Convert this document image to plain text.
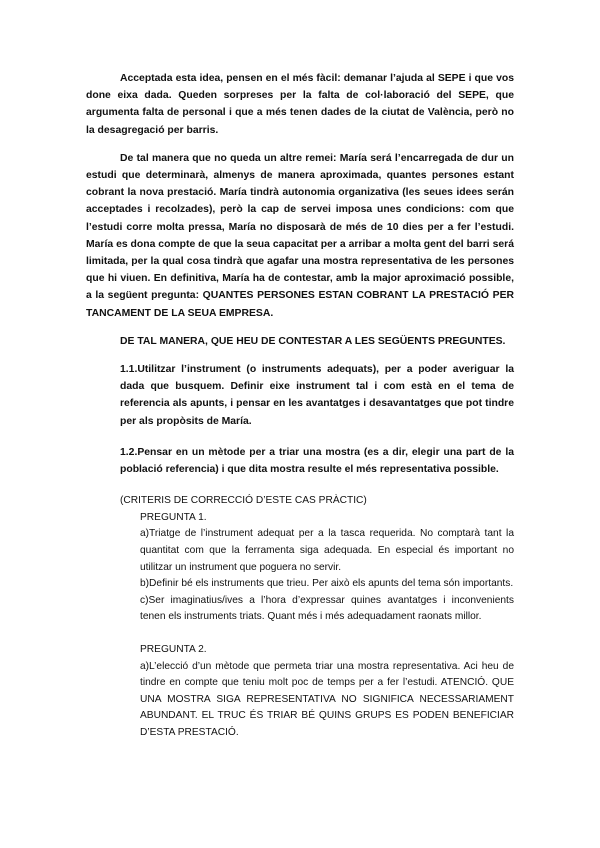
Acceptada esta idea, pensen en el més fàcil: demanar l’ajuda al SEPE i que vos done eixa dada. Queden sorpreses per la falta de col·laboració del SEPE, que argumenta falta de personal i que a més tenen dades de la ciutat de València, però no la desagregació per barris.

De tal manera que no queda un altre remei: María será l’encarregada de dur un estudi que determinarà, almenys de manera aproximada, quantes persones estant cobrant la nova prestació. María tindrà autonomia organizativa (les seues idees serán acceptades i recolzades), però la cap de servei imposa unes condicions: com que l’estudi corre molta pressa, María no disposarà de més de 10 dies per a fer l’estudi. María es dona compte de que la seua capacitat per a arribar a molta gent del barri será limitada, per la qual cosa tindrà que agafar una mostra representativa de les persones que hi viuen. En definitiva, María ha de contestar, amb la major aproximació possible, a la següent pregunta: QUANTES PERSONES ESTAN COBRANT LA PRESTACIÓ PER TANCAMENT DE LA SEUA EMPRESA.

DE TAL MANERA, QUE HEU DE CONTESTAR A LES SEGÜENTS PREGUNTES.

1.1.Utilitzar l’instrument (o instruments adequats), per a poder averiguar la dada que busquem. Definir eixe instrument tal i com està en el tema de referencia als apunts, i pensar en les avantatges i desavantatges que pot tindre per als propòsits de María.

1.2.Pensar en un mètode per a triar una mostra (es a dir, elegir una part de la població referencia) i que dita mostra resulte el més representativa possible.

(CRITERIS DE CORRECCIÓ D’ESTE CAS PRÀCTIC)

PREGUNTA 1.

a)Triatge de l’instrument adequat per a la tasca requerida. No comptarà tant la quantitat com que la ferramenta siga adequada. En especial és important no utilitzar un instrument que poguera no servir.

b)Definir bé els instruments que trieu. Per això els apunts del tema són importants.

c)Ser imaginatius/ives a l’hora d’expressar quines avantatges i inconvenients tenen els instruments triats. Quant més i més adequadament raonats millor.

PREGUNTA 2.

a)L’elecció d’un mètode que permeta triar una mostra representativa. Aci heu de tindre en compte que teniu molt poc de temps per a fer l’estudi. ATENCIÓ. QUE UNA MOSTRA SIGA REPRESENTATIVA NO SIGNIFICA NECESSARIAMENT ABUNDANT. EL TRUC ÉS TRIAR BÉ QUINS GRUPS ES PODEN BENEFICIAR D’ESTA PRESTACIÓ.
